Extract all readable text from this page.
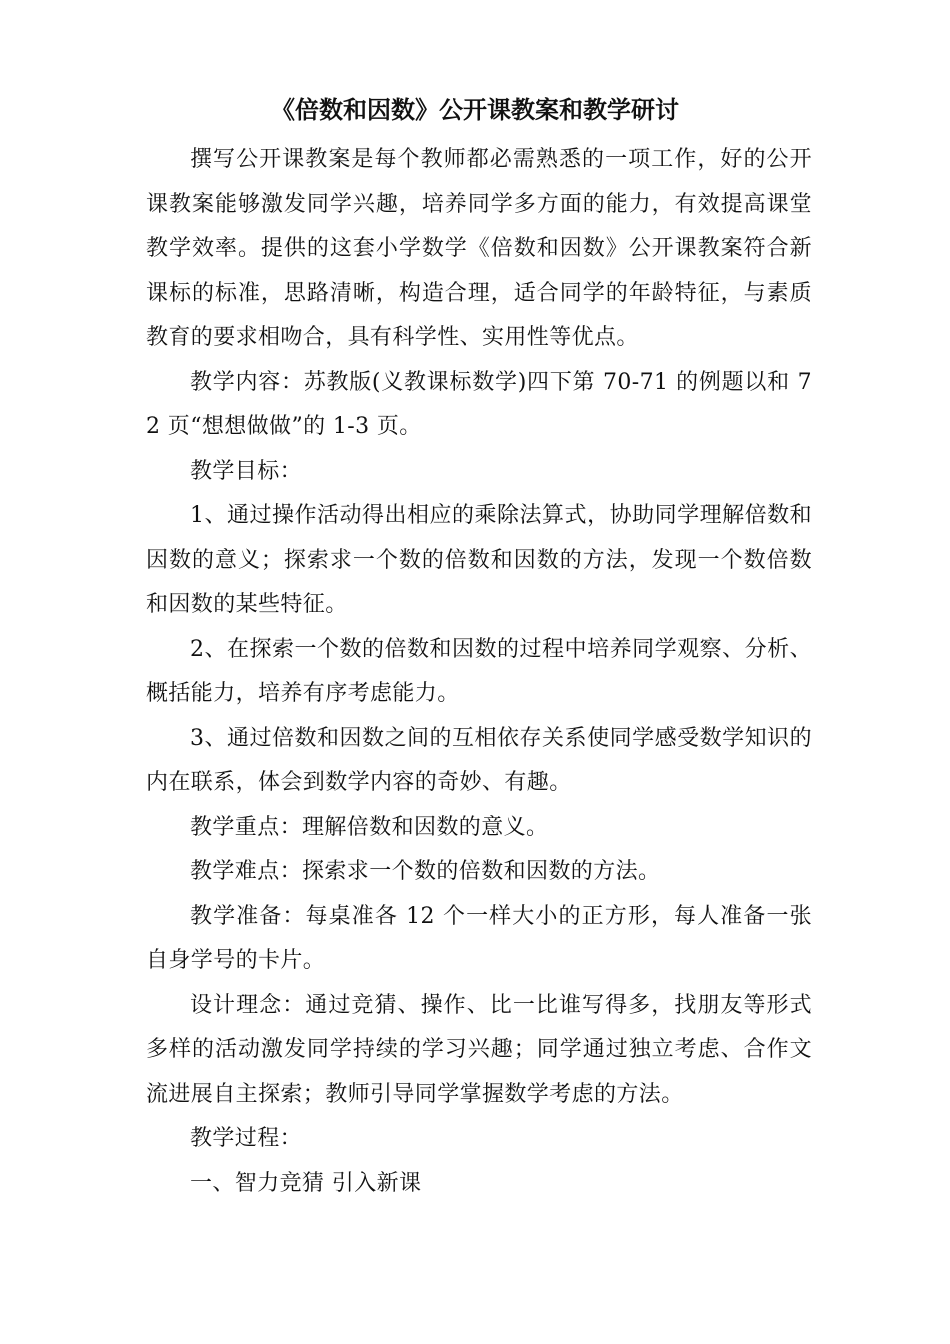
《倍数和因数》公开课教案和教学研讨

撰写公开课教案是每个教师都必需熟悉的一项工作，好的公开课教案能够激发同学兴趣，培养同学多方面的能力，有效提高课堂教学效率。提供的这套小学数学《倍数和因数》公开课教案符合新课标的标准，思路清晰，构造合理，适合同学的年龄特征，与素质教育的要求相吻合，具有科学性、实用性等优点。

教学内容：苏教版(义教课标数学)四下第 70-71 的例题以和 72 页“想想做做”的 1-3 页。

教学目标：

1、通过操作活动得出相应的乘除法算式，协助同学理解倍数和因数的意义；探索求一个数的倍数和因数的方法，发现一个数倍数和因数的某些特征。

2、在探索一个数的倍数和因数的过程中培养同学观察、分析、概括能力，培养有序考虑能力。

3、通过倍数和因数之间的互相依存关系使同学感受数学知识的内在联系，体会到数学内容的奇妙、有趣。

教学重点：理解倍数和因数的意义。

教学难点：探索求一个数的倍数和因数的方法。

教学准备：每桌准各 12 个一样大小的正方形，每人准备一张自身学号的卡片。

设计理念：通过竞猜、操作、比一比谁写得多，找朋友等形式多样的活动激发同学持续的学习兴趣；同学通过独立考虑、合作文流进展自主探索；教师引导同学掌握数学考虑的方法。

教学过程：

一、智力竞猜 引入新课
